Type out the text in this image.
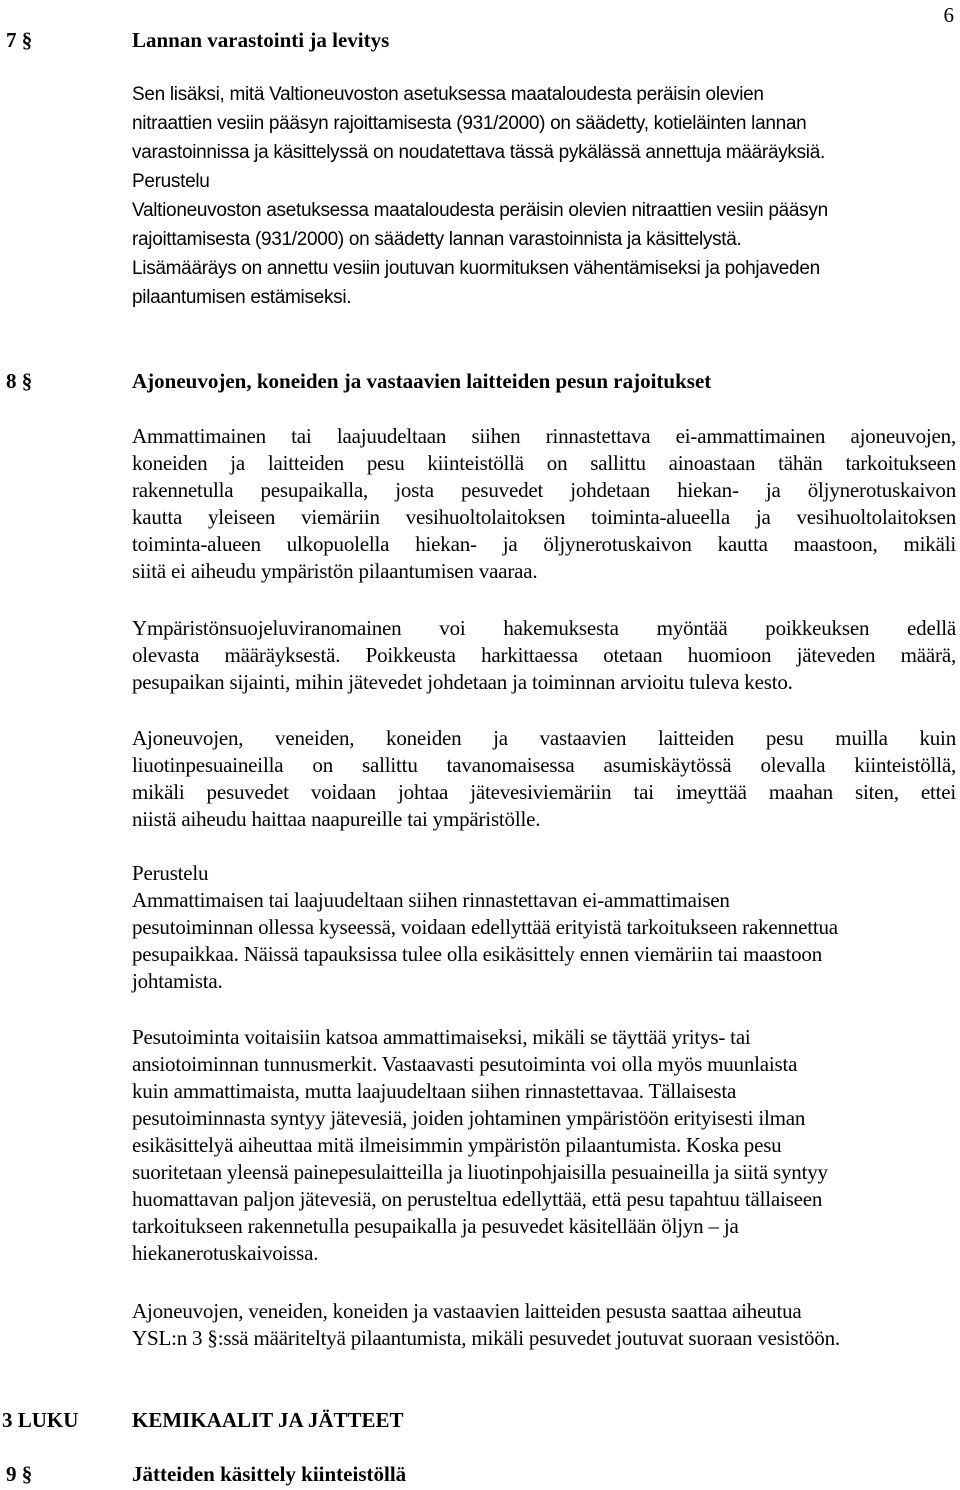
6
7 §	Lannan varastointi ja levitys
Sen lisäksi, mitä Valtioneuvoston asetuksessa maataloudesta peräisin olevien
nitraattien vesiin pääsyn rajoittamisesta (931/2000) on säädetty, kotieläinten lannan
varastoinnissa ja käsittelyssä on noudatettava tässä pykälässä annettuja määräyksiä.
Perustelu
Valtioneuvoston asetuksessa maataloudesta peräisin olevien nitraattien vesiin pääsyn
rajoittamisesta (931/2000) on säädetty lannan varastoinnista ja käsittelystä.
Lisämääräys on annettu vesiin joutuvan kuormituksen vähentämiseksi ja pohjaveden
pilaantumisen estämiseksi.
8 §	Ajoneuvojen, koneiden ja vastaavien laitteiden pesun rajoitukset
Ammattimainen tai laajuudeltaan siihen rinnastettava ei-ammattimainen ajoneuvojen,
koneiden ja laitteiden pesu kiinteistöllä on sallittu ainoastaan tähän tarkoitukseen
rakennetulla pesupaikalla, josta pesuvedet johdetaan hiekan- ja öljynerotuskaivon
kautta yleiseen viemäriin vesihuoltolaitoksen toiminta-alueella ja vesihuoltolaitoksen
toiminta-alueen ulkopuolella hiekan- ja öljynerotuskaivon kautta maastoon, mikäli
siitä ei aiheudu ympäristön pilaantumisen vaaraa.
Ympäristönsuojeluviranomainen voi hakemuksesta myöntää poikkeuksen edellä
olevasta määräyksestä. Poikkeusta harkittaessa otetaan huomioon jäteveden määrä,
pesupaikan sijainti, mihin jätevedet johdetaan ja toiminnan arvioitu tuleva kesto.
Ajoneuvojen, veneiden, koneiden ja vastaavien laitteiden pesu muilla kuin
liuotinpesuaineilla on sallittu tavanomaisessa asumiskäytössä olevalla kiinteistöllä,
mikäli pesuvedet voidaan johtaa jätevesiviemäriin tai imeyttää maahan siten, ettei
niistä aiheudu haittaa naapureille tai ympäristölle.
Perustelu
Ammattimaisen tai laajuudeltaan siihen rinnastettavan ei-ammattimaisen
pesutoiminnan ollessa kyseessä, voidaan edellyttää erityistä tarkoitukseen rakennettua
pesupaikkaa. Näissä tapauksissa tulee olla esikäsittely ennen viemäriin tai maastoon
johtamista.
Pesutoiminta voitaisiin katsoa ammattimaiseksi, mikäli se täyttää yritys- tai
ansiotoiminnan tunnusmerkit. Vastaavasti pesutoiminta voi olla myös muunlaista
kuin ammattimaista, mutta laajuudeltaan siihen rinnastettavaa. Tällaisesta
pesutoiminnasta syntyy jätevesiä, joiden johtaminen ympäristöön erityisesti ilman
esikäsittelyä aiheuttaa mitä ilmeisimmin ympäristön pilaantumista. Koska pesu
suoritetaan yleensä painepesulaitteilla ja liuotinpohjaisilla pesuaineilla ja siitä syntyy
huomattavan paljon jätevesiä, on perusteltua edellyttää, että pesu tapahtuu tällaiseen
tarkoitukseen rakennetulla pesupaikalla ja pesuvedet käsitellään öljyn – ja
hiekanerotuskaivoissa.
Ajoneuvojen, veneiden, koneiden ja vastaavien laitteiden pesusta saattaa aiheutua
YSL:n 3 §:ssä määriteltyä pilaantumista, mikäli pesuvedet joutuvat suoraan vesistöön.
3 LUKU	KEMIKAALIT JA JÄTTEET
9 §	Jätteiden käsittely kiinteistöllä
